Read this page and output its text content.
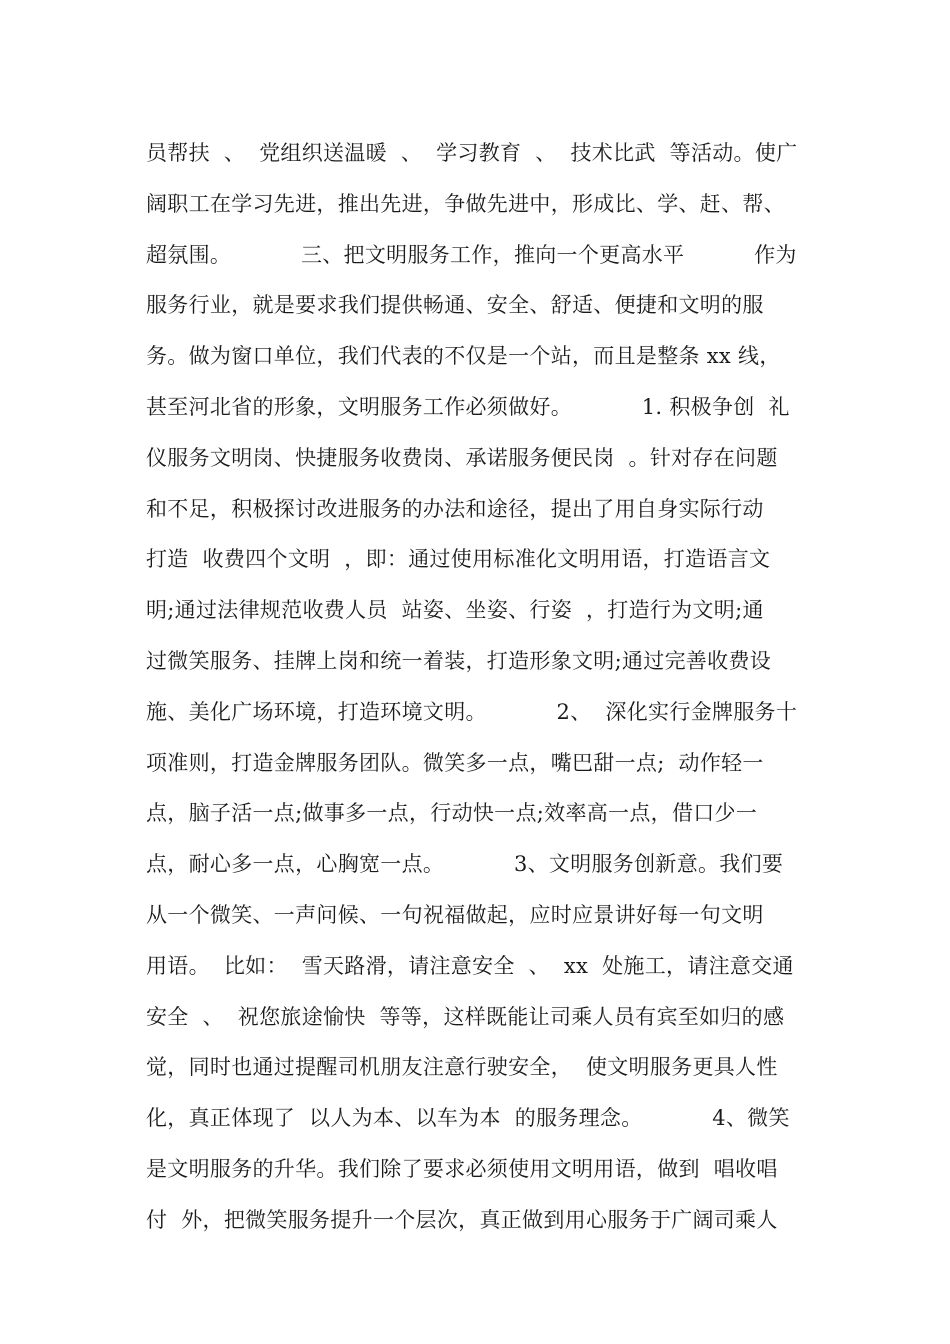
员帮扶  、  党组织送温暖  、  学习教育  、  技术比武  等活动。使广
阔职工在学习先进，推出先进，争做先进中，形成比、学、赶、帮、
超氛围。          三、把文明服务工作，推向一个更高水平          作为
服务行业，就是要求我们提供畅通、安全、舒适、便捷和文明的服
务。做为窗口单位，我们代表的不仅是一个站，而且是整条 xx 线，
甚至河北省的形象，文明服务工作必须做好。          1. 积极争创  礼
仪服务文明岗、快捷服务收费岗、承诺服务便民岗  。针对存在问题
和不足，积极探讨改进服务的办法和途径，提出了用自身实际行动
打造  收费四个文明  ，即：通过使用标准化文明用语，打造语言文
明;通过法律规范收费人员  站姿、坐姿、行姿  ，打造行为文明;通
过微笑服务、挂牌上岗和统一着装，打造形象文明;通过完善收费设
施、美化广场环境，打造环境文明。          2、  深化实行金牌服务十
项准则，打造金牌服务团队。微笑多一点，嘴巴甜一点;  动作轻一
点，脑子活一点;做事多一点，行动快一点;效率高一点，借口少一
点，耐心多一点，心胸宽一点。          3、文明服务创新意。我们要
从一个微笑、一声问候、一句祝福做起，应时应景讲好每一句文明
用语。  比如：  雪天路滑，请注意安全  、  xx  处施工，请注意交通
安全  、  祝您旅途愉快  等等，这样既能让司乘人员有宾至如归的感
觉，同时也通过提醒司机朋友注意行驶安全，  使文明服务更具人性
化，真正体现了  以人为本、以车为本  的服务理念。          4、微笑
是文明服务的升华。我们除了要求必须使用文明用语，做到  唱收唱
付  外，把微笑服务提升一个层次，真正做到用心服务于广阔司乘人
